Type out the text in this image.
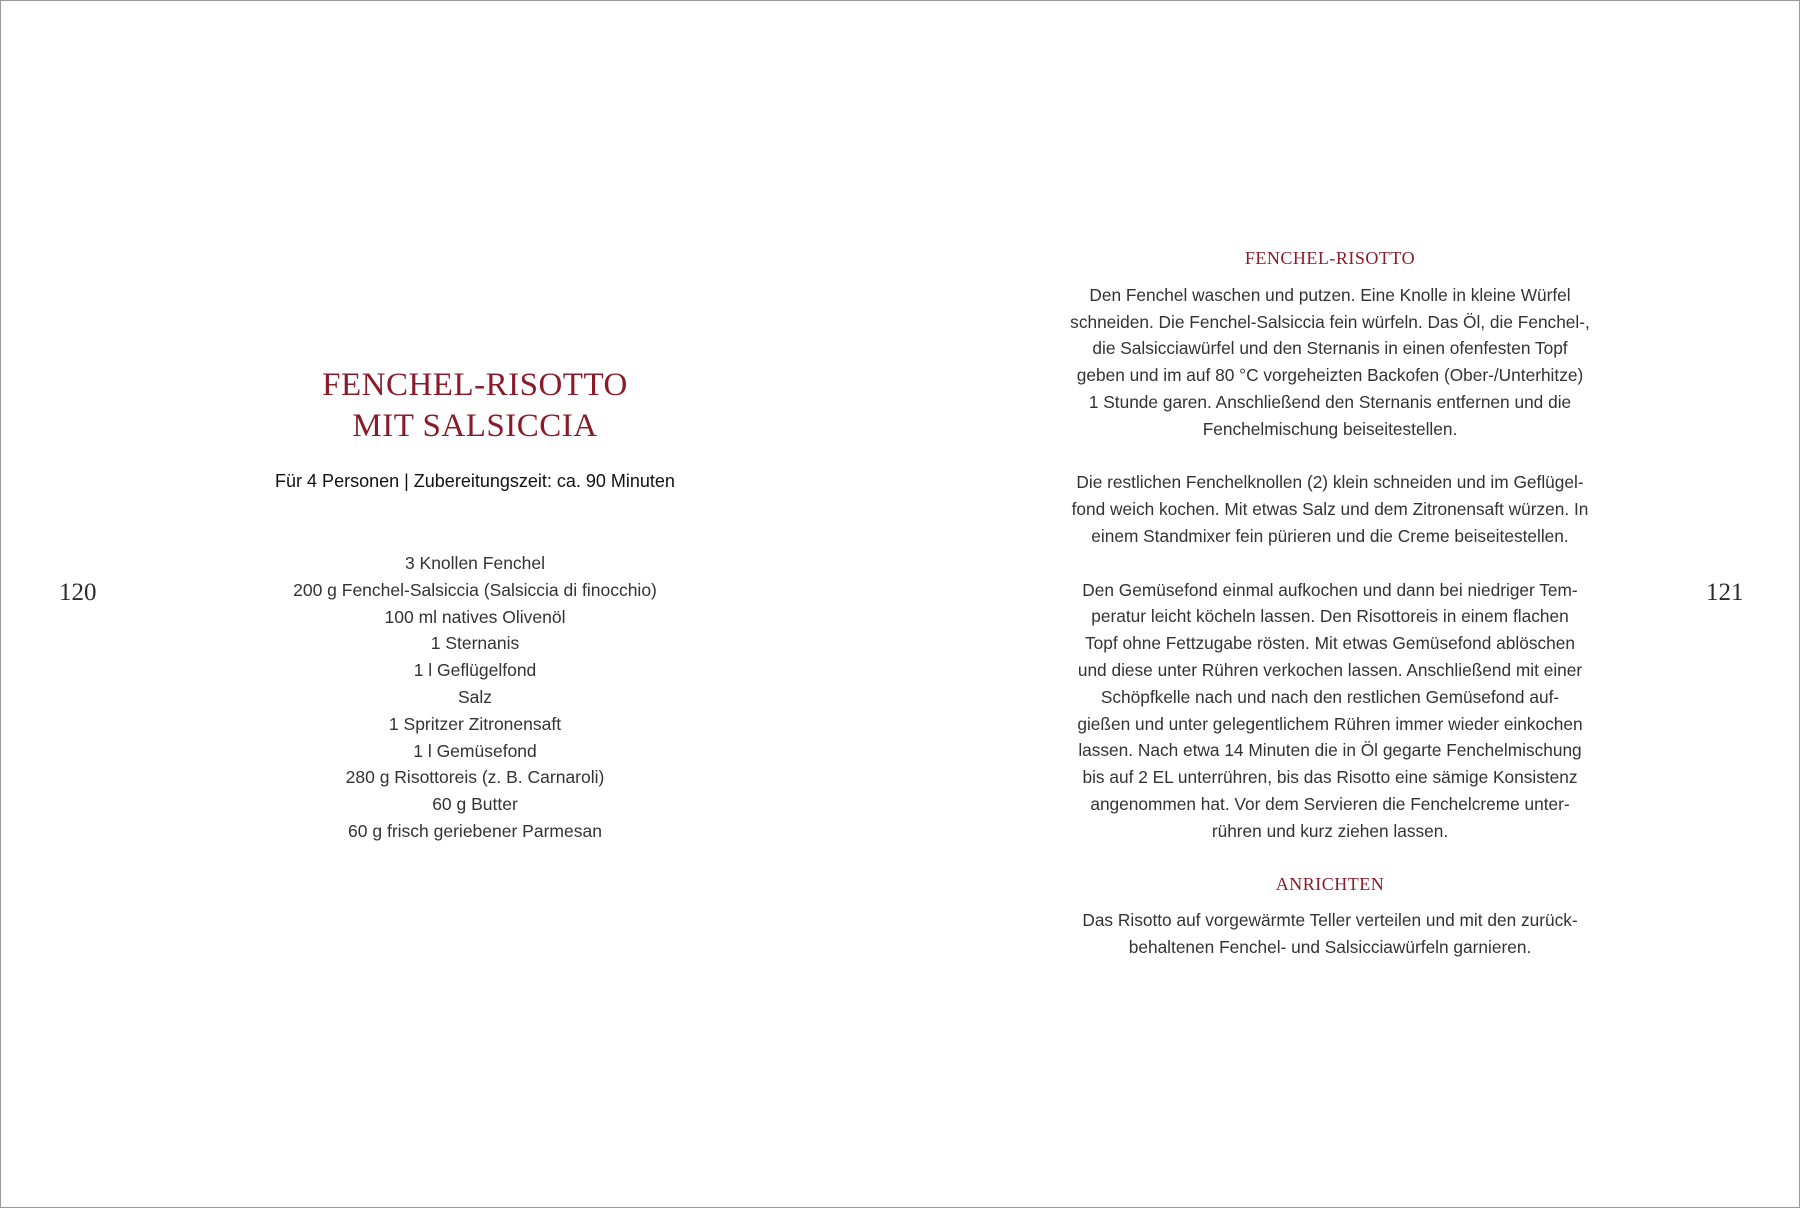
FENCHEL-RISOTTO
MIT SALSICCIA
Für 4 Personen | Zubereitungszeit: ca. 90 Minuten
3 Knollen Fenchel
200 g Fenchel-Salsiccia (Salsiccia di finocchio)
100 ml natives Olivenöl
1 Sternanis
1 l Geflügelfond
Salz
1 Spritzer Zitronensaft
1 l Gemüsefond
280 g Risottoreis (z. B. Carnaroli)
60 g Butter
60 g frisch geriebener Parmesan
120
FENCHEL-RISOTTO

Den Fenchel waschen und putzen. Eine Knolle in kleine Würfel
schneiden. Die Fenchel-Salsiccia fein würfeln. Das Öl, die Fenchel-,
die Salsicciawürfel und den Sternanis in einen ofenfesten Topf
geben und im auf 80 °C vorgeheizten Backofen (Ober-/Unterhitze)
1 Stunde garen. Anschließend den Sternanis entfernen und die
Fenchelmischung beiseitestellen.

Die restlichen Fenchelknollen (2) klein schneiden und im Geflügel-
fond weich kochen. Mit etwas Salz und dem Zitronensaft würzen. In
einem Standmixer fein pürieren und die Creme beiseitestellen.

Den Gemüsefond einmal aufkochen und dann bei niedriger Tem-
peratur leicht köcheln lassen. Den Risottoreis in einem flachen
Topf ohne Fettzugabe rösten. Mit etwas Gemüsefond ablöschen
und diese unter Rühren verkochen lassen. Anschließend mit einer
Schöpfkelle nach und nach den restlichen Gemüsefond auf-
gießen und unter gelegentlichem Rühren immer wieder einkochen
lassen. Nach etwa 14 Minuten die in Öl gegarte Fenchelmischung
bis auf 2 EL unterrühren, bis das Risotto eine sämige Konsistenz
angenommen hat. Vor dem Servieren die Fenchelcreme unter-
rühren und kurz ziehen lassen.

ANRICHTEN

Das Risotto auf vorgewärmte Teller verteilen und mit den zurück-
behaltenen Fenchel- und Salsicciawürfeln garnieren.

121
